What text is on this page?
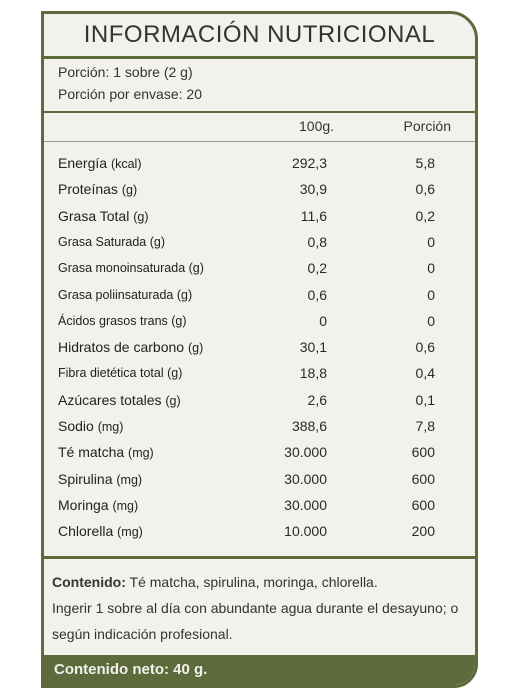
INFORMACIÓN NUTRICIONAL
Porción: 1 sobre (2 g)
Porción por envase: 20
100g.	Porción
Energía (kcal)	292,3	5,8
Proteínas (g)	30,9	0,6
Grasa Total (g)	11,6	0,2
Grasa Saturada (g)	0,8	0
Grasa monoinsaturada (g)	0,2	0
Grasa poliinsaturada (g)	0,6	0
Ácidos grasos trans (g)	0	0
Hidratos de carbono (g)	30,1	0,6
Fibra dietética total (g)	18,8	0,4
Azúcares totales (g)	2,6	0,1
Sodio (mg)	388,6	7,8
Té matcha (mg)	30.000	600
Spirulina (mg)	30.000	600
Moringa (mg)	30.000	600
Chlorella (mg)	10.000	200
Contenido: Té matcha, spirulina, moringa, chlorella.
Ingerir 1 sobre al día con abundante agua durante el desayuno; o según indicación profesional.
Contenido neto: 40 g.
